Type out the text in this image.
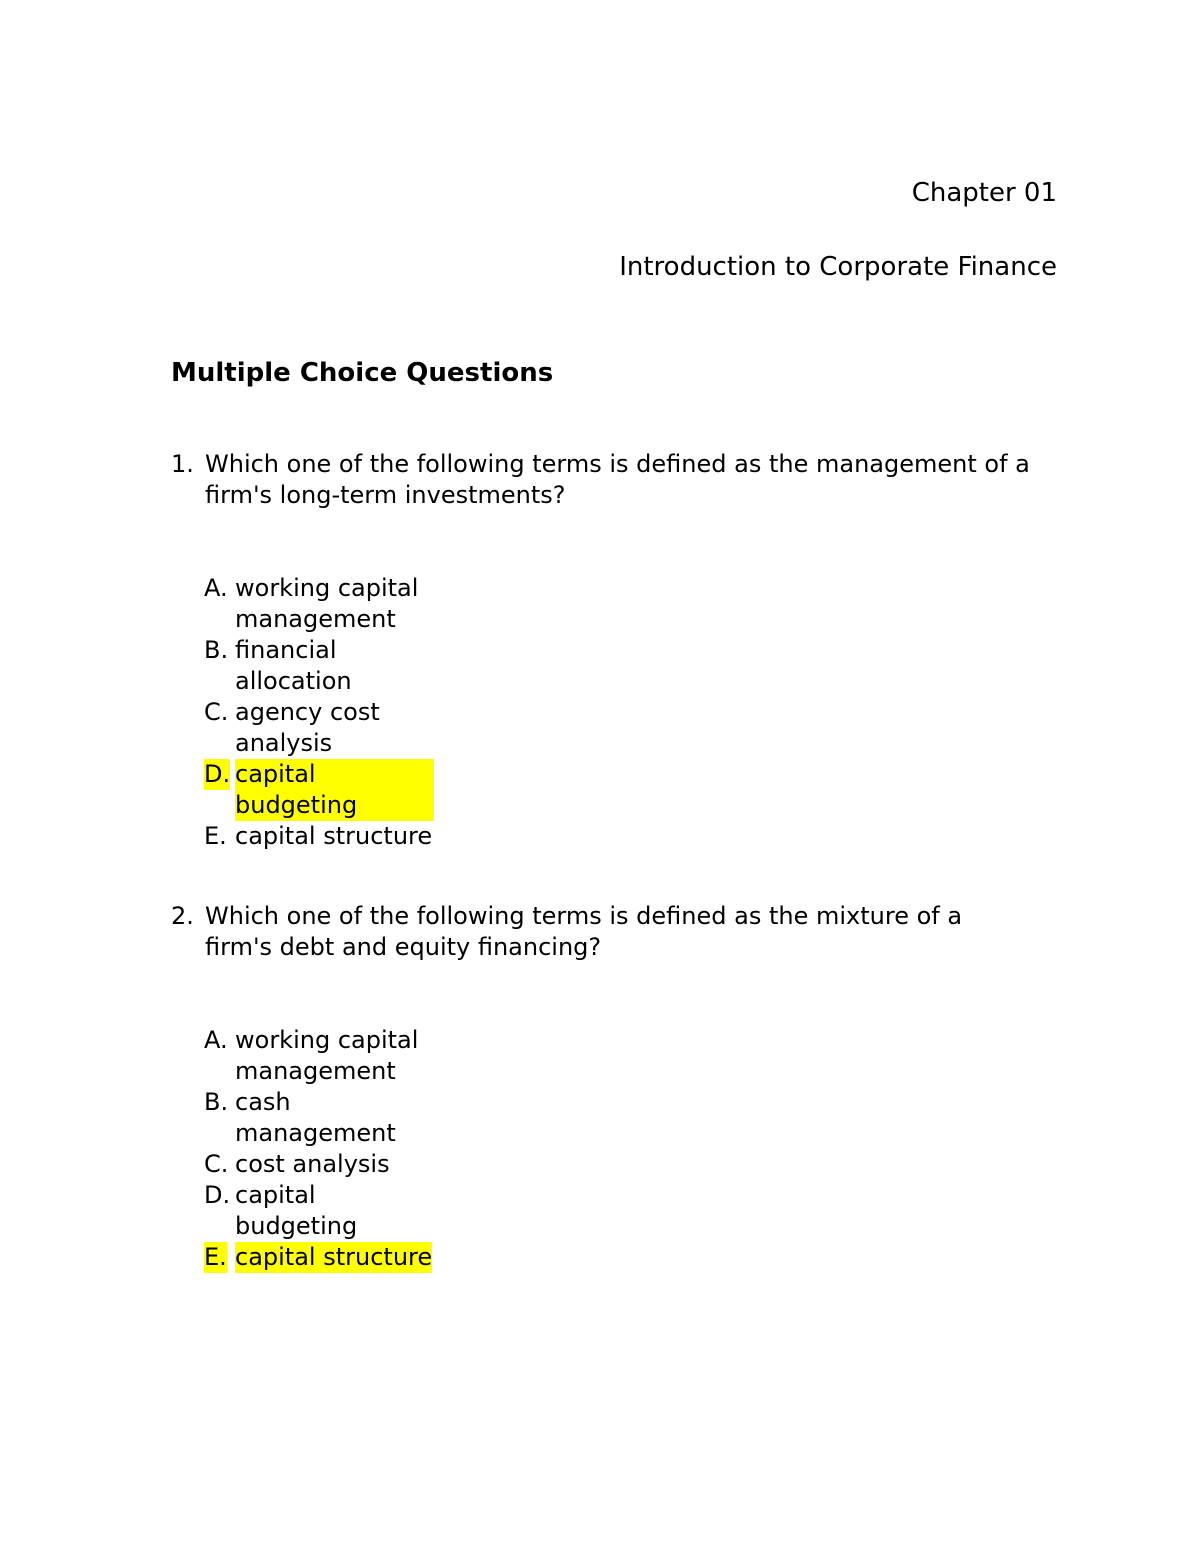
Chapter 01
Introduction to Corporate Finance
Multiple Choice Questions
1. Which one of the following terms is defined as the management of a firm's long-term investments?
A. working capital management
B. financial allocation
C. agency cost analysis
D. capital budgeting
E. capital structure
2. Which one of the following terms is defined as the mixture of a firm's debt and equity financing?
A. working capital management
B. cash management
C. cost analysis
D. capital budgeting
E. capital structure
